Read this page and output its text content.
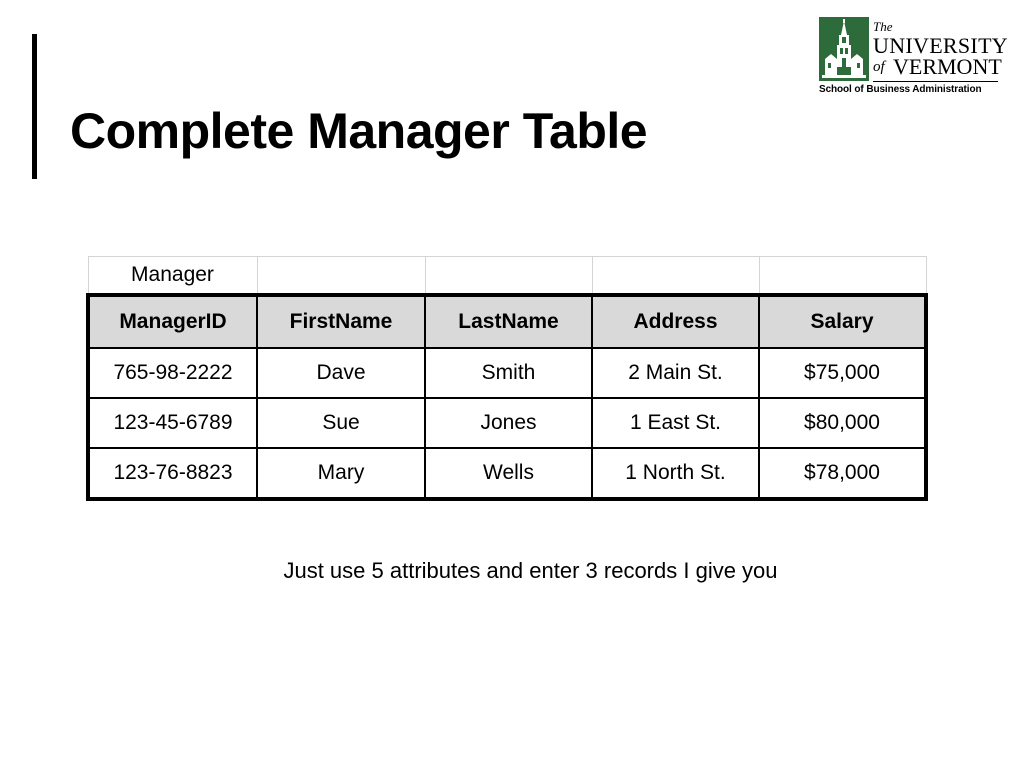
Complete Manager Table
The
UNIVERSITY
of VERMONT
School of Business Administration
Manager				
ManagerID	FirstName	LastName	Address	Salary
765-98-2222	Dave	Smith	2 Main St.	$75,000
123-45-6789	Sue	Jones	1 East St.	$80,000
123-76-8823	Mary	Wells	1 North St.	$78,000
Just use 5 attributes and enter 3 records I give you
